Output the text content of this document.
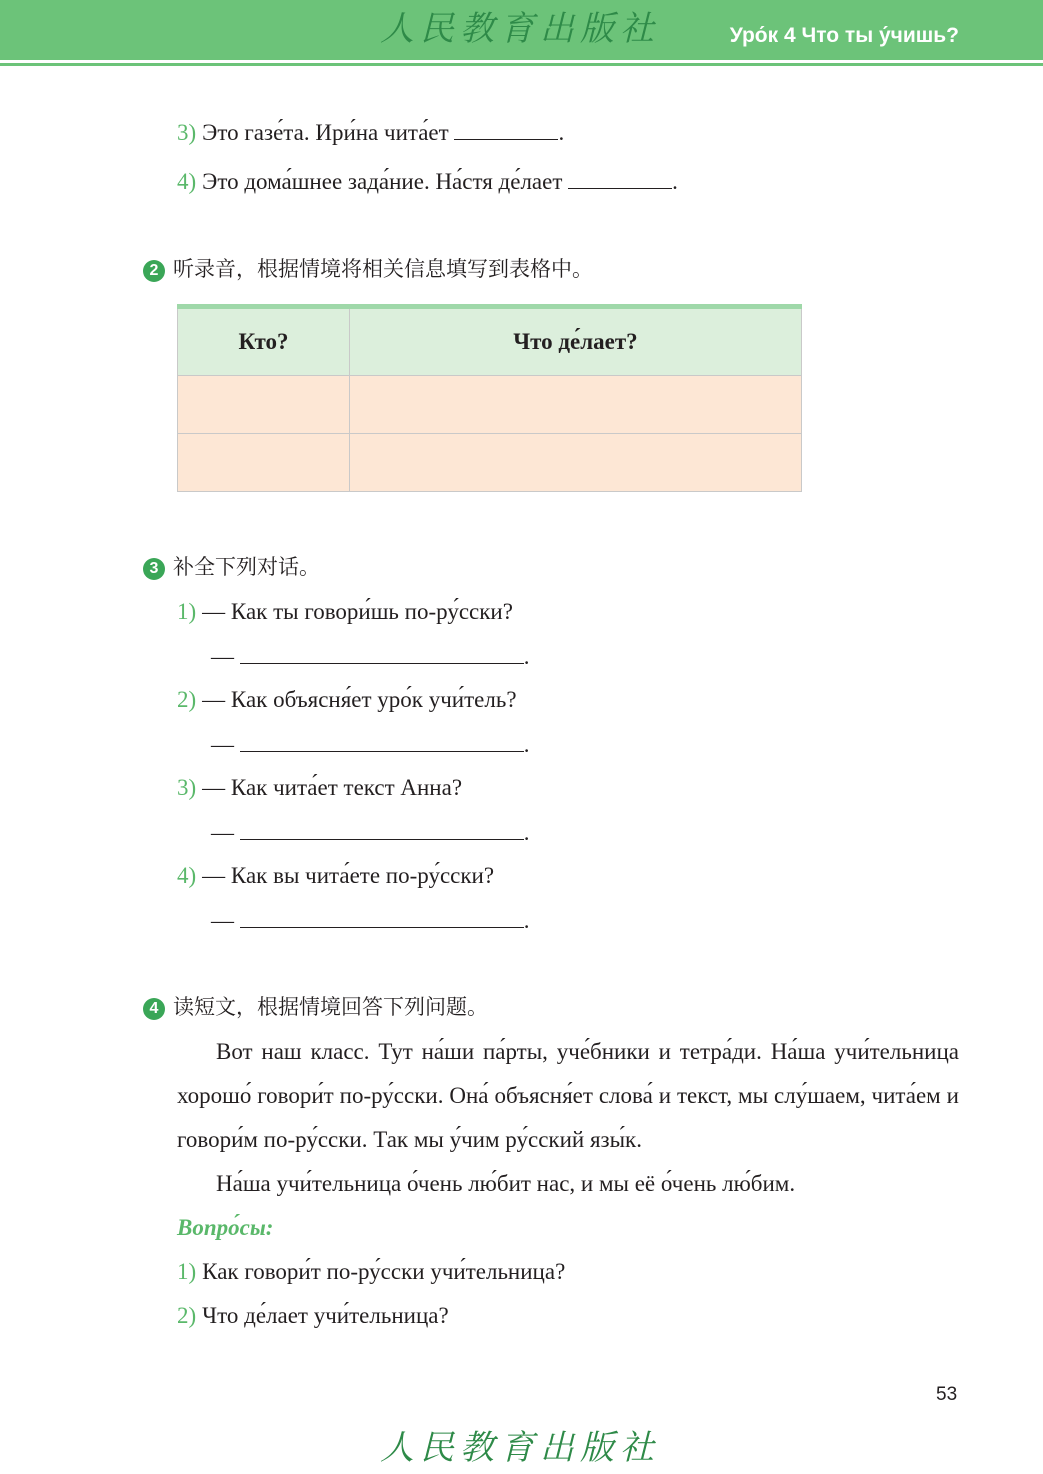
人民教育出版社	Уро́к 4 Что ты у́чишь?
3) Это газе́та. Ири́на чита́ет	.
4) Это дома́шнее зада́ние. На́стя де́лает	.
2 听录音，根据情境将相关信息填写到表格中。
Кто?	Что де́лает?

3 补全下列对话。
1) — Как ты говори́шь по-ру́сски?
—	.
2) — Как объясня́ет уро́к учи́тель?
—	.
3) — Как чита́ет текст Анна?
—	.
4) — Как вы чита́ете по-ру́сски?
—	.
4 读短文，根据情境回答下列问题。
Вот наш класс. Тут на́ши па́рты, уче́бники и тетра́ди. На́ша учи́тельница хорошо́ говори́т по-ру́сски. Она́ объясня́ет слова́ и текст, мы слу́шаем, чита́ем и говори́м по-ру́сски. Так мы у́чим ру́сский язы́к.
На́ша учи́тельница о́чень лю́бит нас, и мы её о́чень лю́бим.
Вопро́сы:
1) Как говори́т по-ру́сски учи́тельница?
2) Что де́лает учи́тельница?
53
人民教育出版社
